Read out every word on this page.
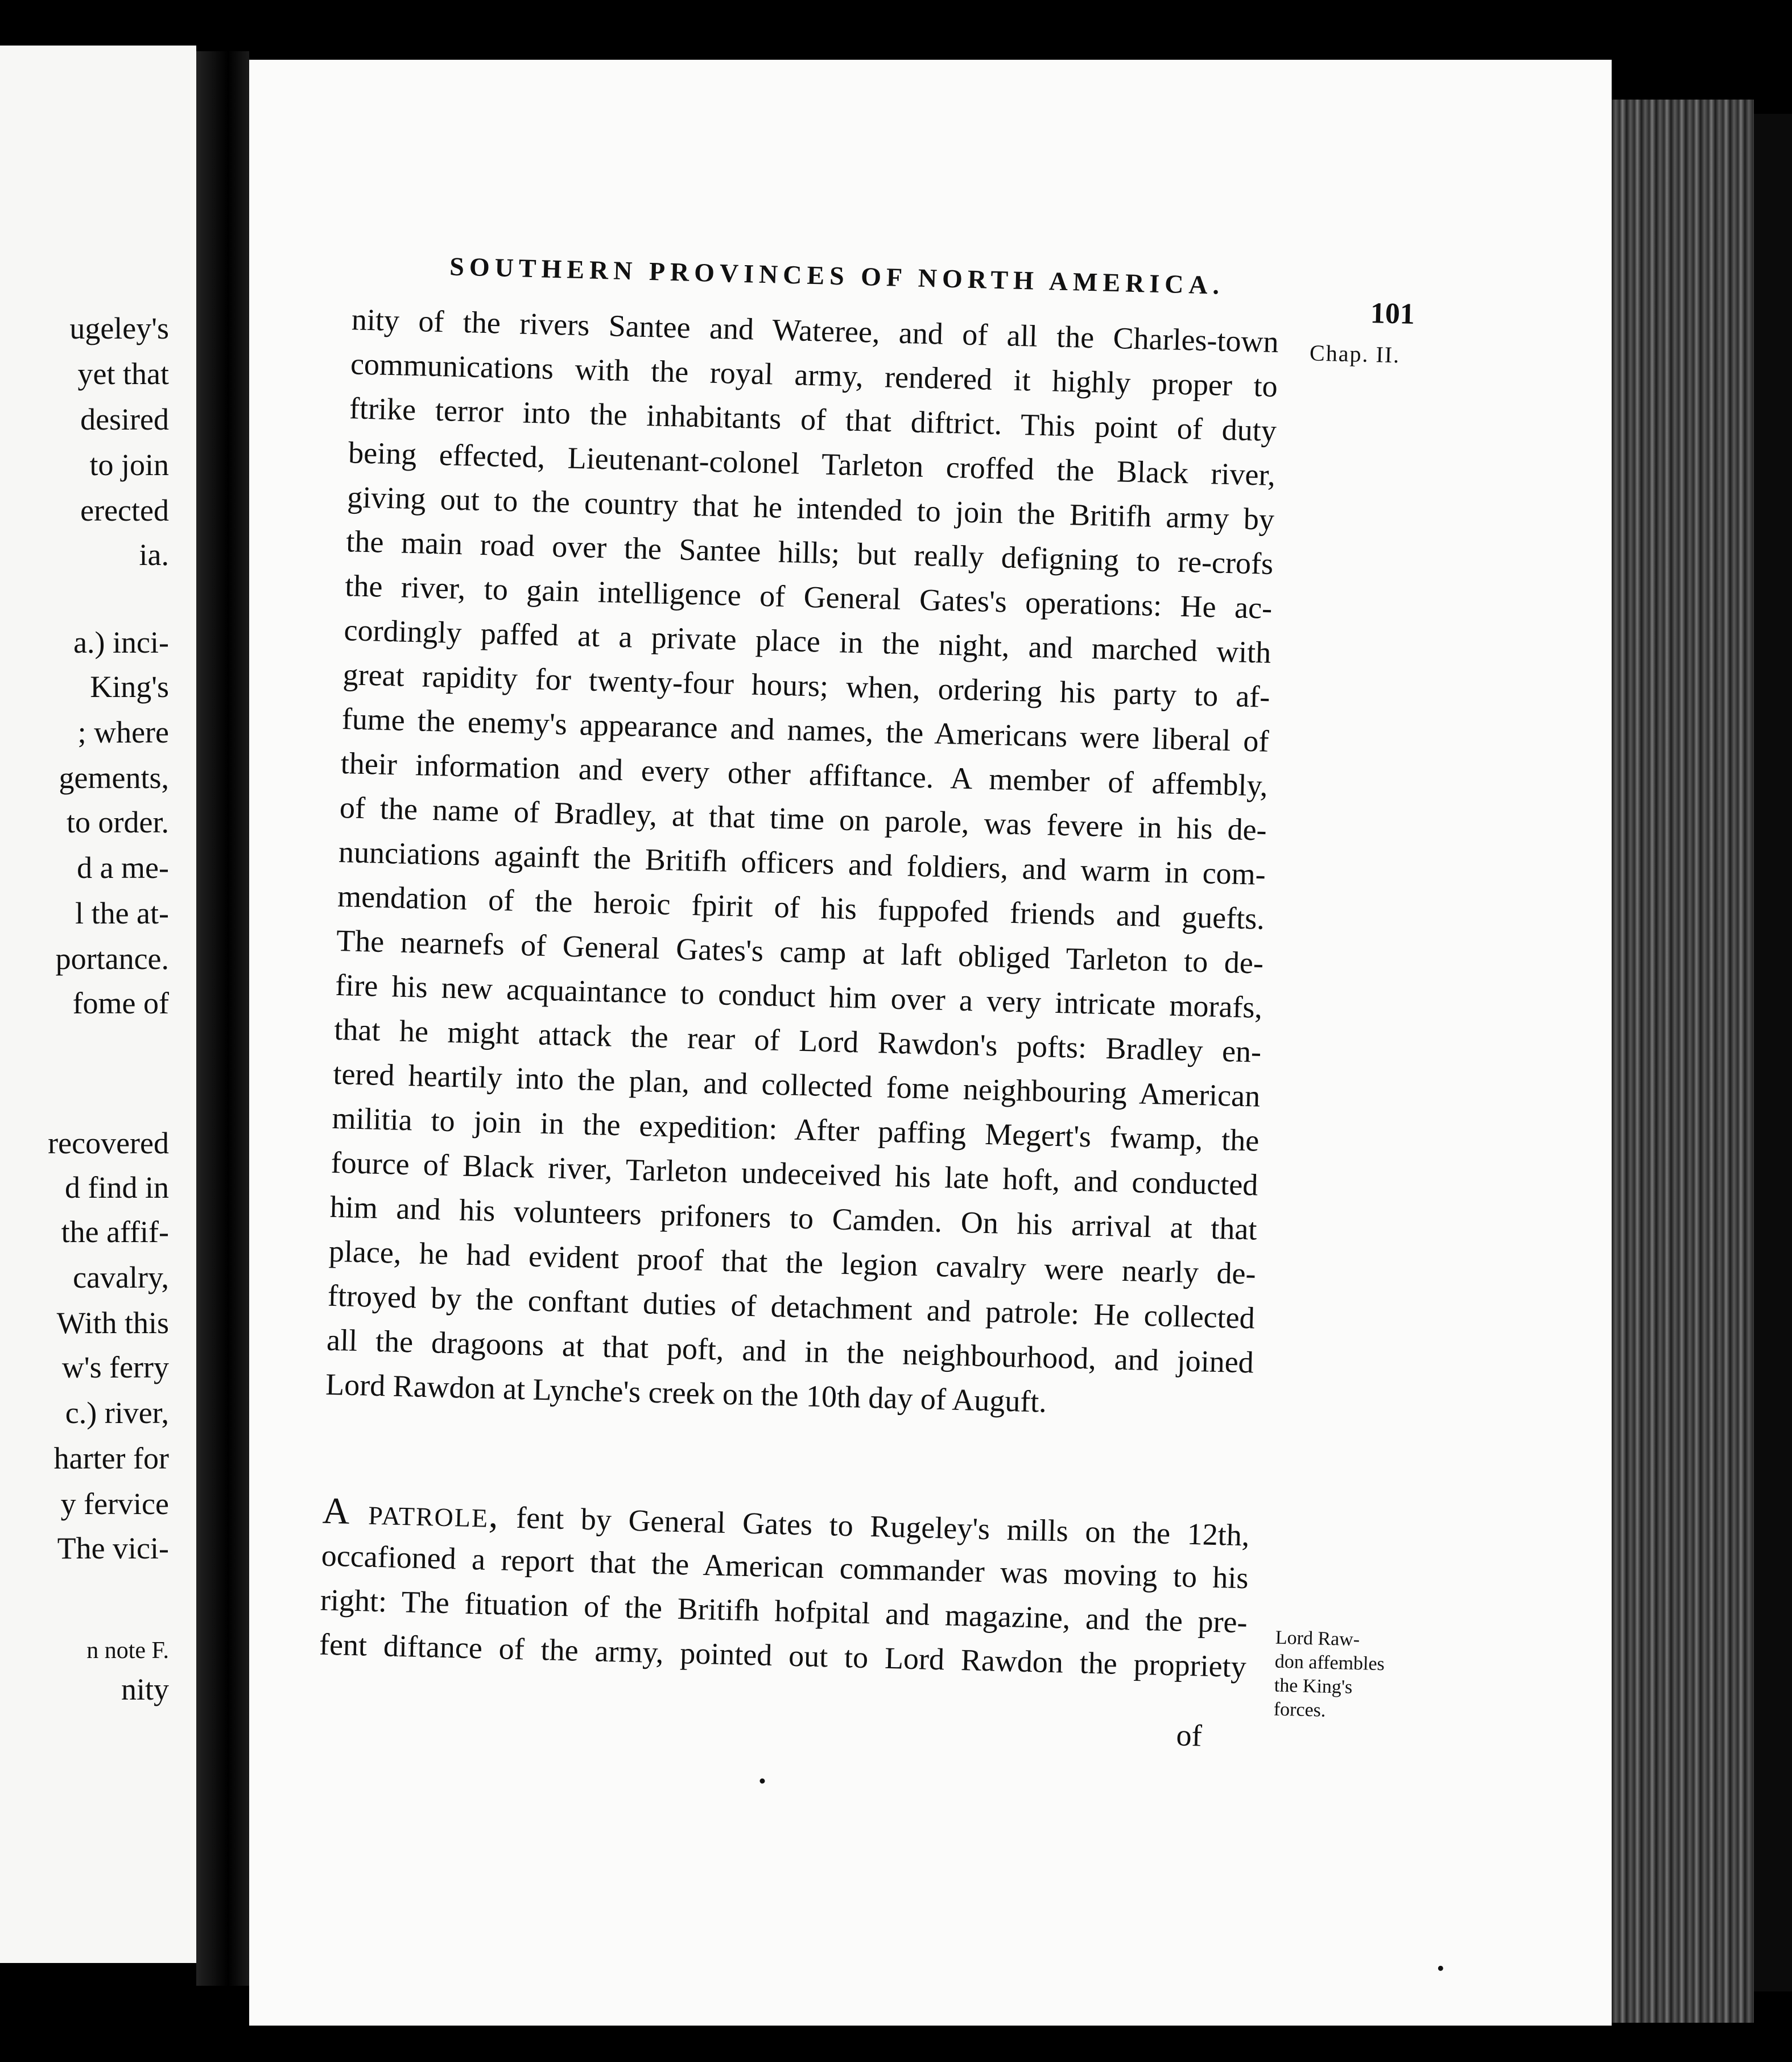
ugeley's
yet that
desired
to join
erected
ia.
a.) inci-
King's
; where
gements,
to order.
d a me-
l the at-
portance.
fome of
recovered
d find in
the affif-
cavalry,
With this
w's ferry
c.) river,
harter for
y fervice
The vici-
n note F.
nity
SOUTHERN PROVINCES OF NORTH AMERICA.
101
Chap. II.
nity of the rivers Santee and Wateree, and of all the Charles-town
communications with the royal army, rendered it highly proper to
ftrike terror into the inhabitants of that diftrict. This point of duty
being effected, Lieutenant-colonel Tarleton croffed the Black river,
giving out to the country that he intended to join the Britifh army by
the main road over the Santee hills; but really defigning to re-crofs
the river, to gain intelligence of General Gates's operations: He ac-
cordingly paffed at a private place in the night, and marched with
great rapidity for twenty-four hours; when, ordering his party to af-
fume the enemy's appearance and names, the Americans were liberal of
their information and every other affiftance. A member of affembly,
of the name of Bradley, at that time on parole, was fevere in his de-
nunciations againft the Britifh officers and foldiers, and warm in com-
mendation of the heroic fpirit of his fuppofed friends and guefts.
The nearnefs of General Gates's camp at laft obliged Tarleton to de-
fire his new acquaintance to conduct him over a very intricate morafs,
that he might attack the rear of Lord Rawdon's pofts: Bradley en-
tered heartily into the plan, and collected fome neighbouring American
militia to join in the expedition: After paffing Megert's fwamp, the
fource of Black river, Tarleton undeceived his late hoft, and conducted
him and his volunteers prifoners to Camden. On his arrival at that
place, he had evident proof that the legion cavalry were nearly de-
ftroyed by the conftant duties of detachment and patrole: He collected
all the dragoons at that poft, and in the neighbourhood, and joined
Lord Rawdon at Lynche's creek on the 10th day of Auguft.
A patrole, fent by General Gates to Rugeley's mills on the 12th,
occafioned a report that the American commander was moving to his
right: The fituation of the Britifh hofpital and magazine, and the pre-
fent diftance of the army, pointed out to Lord Rawdon the propriety
of
Lord Raw-
don affembles
the King's
forces.
